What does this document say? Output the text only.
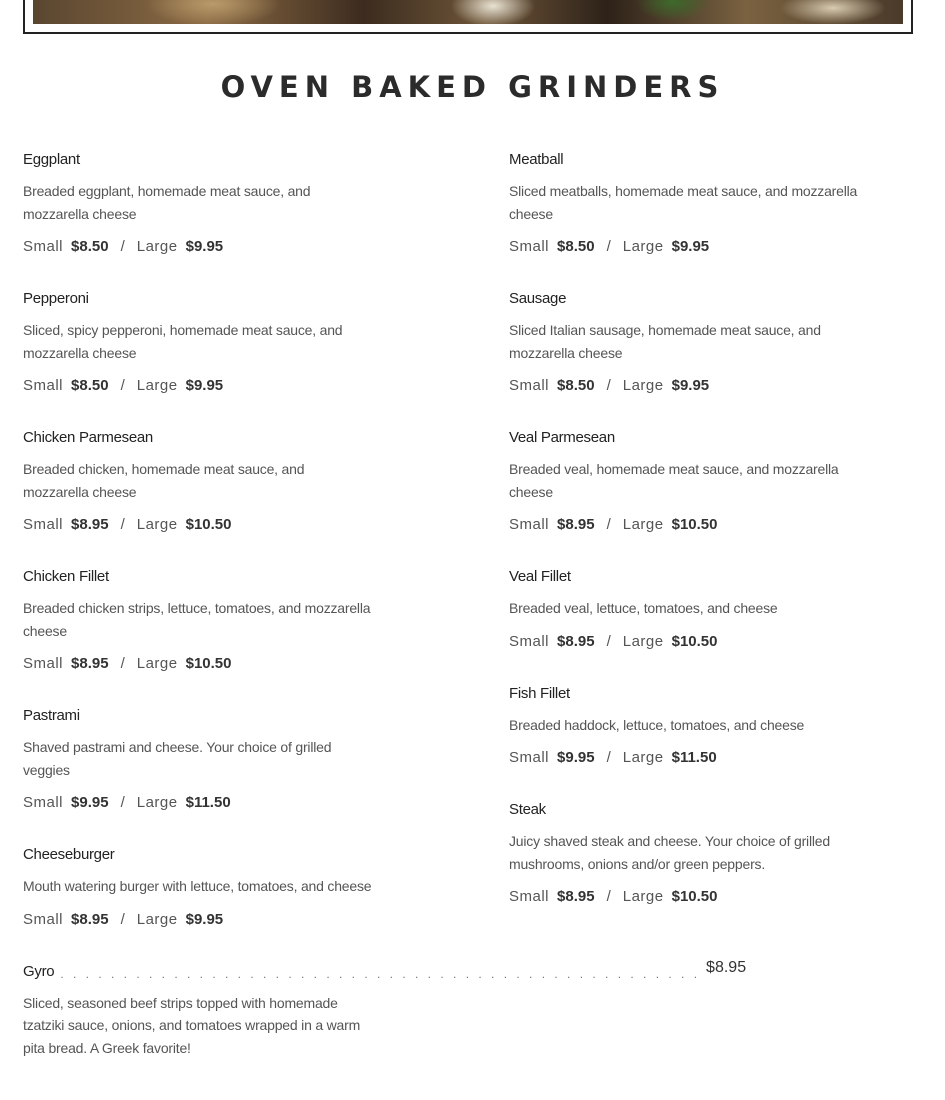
OVEN BAKED GRINDERS
Eggplant
Breaded eggplant, homemade meat sauce, and mozzarella cheese
Small $8.50 / Large $9.95
Pepperoni
Sliced, spicy pepperoni, homemade meat sauce, and mozzarella cheese
Small $8.50 / Large $9.95
Chicken Parmesean
Breaded chicken, homemade meat sauce, and mozzarella cheese
Small $8.95 / Large $10.50
Chicken Fillet
Breaded chicken strips, lettuce, tomatoes, and mozzarella cheese
Small $8.95 / Large $10.50
Pastrami
Shaved pastrami and cheese. Your choice of grilled veggies
Small $9.95 / Large $11.50
Cheeseburger
Mouth watering burger with lettuce, tomatoes, and cheese
Small $8.95 / Large $9.95
Gyro . . . . . . . . . . . . . . . . . . . . . . . . . . . . . . . . . . . . . . . . . . . . . . . . . . . $8.95
Sliced, seasoned beef strips topped with homemade tzatziki sauce, onions, and tomatoes wrapped in a warm pita bread. A Greek favorite!
Meatball
Sliced meatballs, homemade meat sauce, and mozzarella cheese
Small $8.50 / Large $9.95
Sausage
Sliced Italian sausage, homemade meat sauce, and mozzarella cheese
Small $8.50 / Large $9.95
Veal Parmesean
Breaded veal, homemade meat sauce, and mozzarella cheese
Small $8.95 / Large $10.50
Veal Fillet
Breaded veal, lettuce, tomatoes, and cheese
Small $8.95 / Large $10.50
Fish Fillet
Breaded haddock, lettuce, tomatoes, and cheese
Small $9.95 / Large $11.50
Steak
Juicy shaved steak and cheese. Your choice of grilled mushrooms, onions and/or green peppers.
Small $8.95 / Large $10.50
